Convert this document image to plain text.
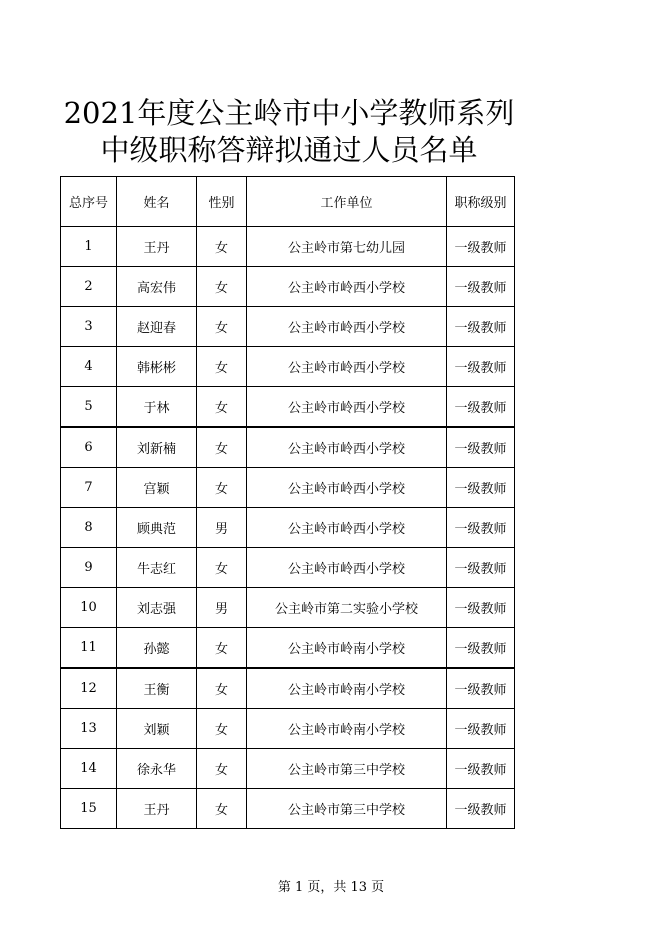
2021年度公主岭市中小学教师系列
中级职称答辩拟通过人员名单
总序号	姓名	性别	工作单位	职称级别
1	王丹	女	公主岭市第七幼儿园	一级教师
2	高宏伟	女	公主岭市岭西小学校	一级教师
3	赵迎春	女	公主岭市岭西小学校	一级教师
4	韩彬彬	女	公主岭市岭西小学校	一级教师
5	于林	女	公主岭市岭西小学校	一级教师
6	刘新楠	女	公主岭市岭西小学校	一级教师
7	宫颖	女	公主岭市岭西小学校	一级教师
8	顾典范	男	公主岭市岭西小学校	一级教师
9	牛志红	女	公主岭市岭西小学校	一级教师
10	刘志强	男	公主岭市第二实验小学校	一级教师
11	孙懿	女	公主岭市岭南小学校	一级教师
12	王衡	女	公主岭市岭南小学校	一级教师
13	刘颖	女	公主岭市岭南小学校	一级教师
14	徐永华	女	公主岭市第三中学校	一级教师
15	王丹	女	公主岭市第三中学校	一级教师
第 1 页，共 13 页
